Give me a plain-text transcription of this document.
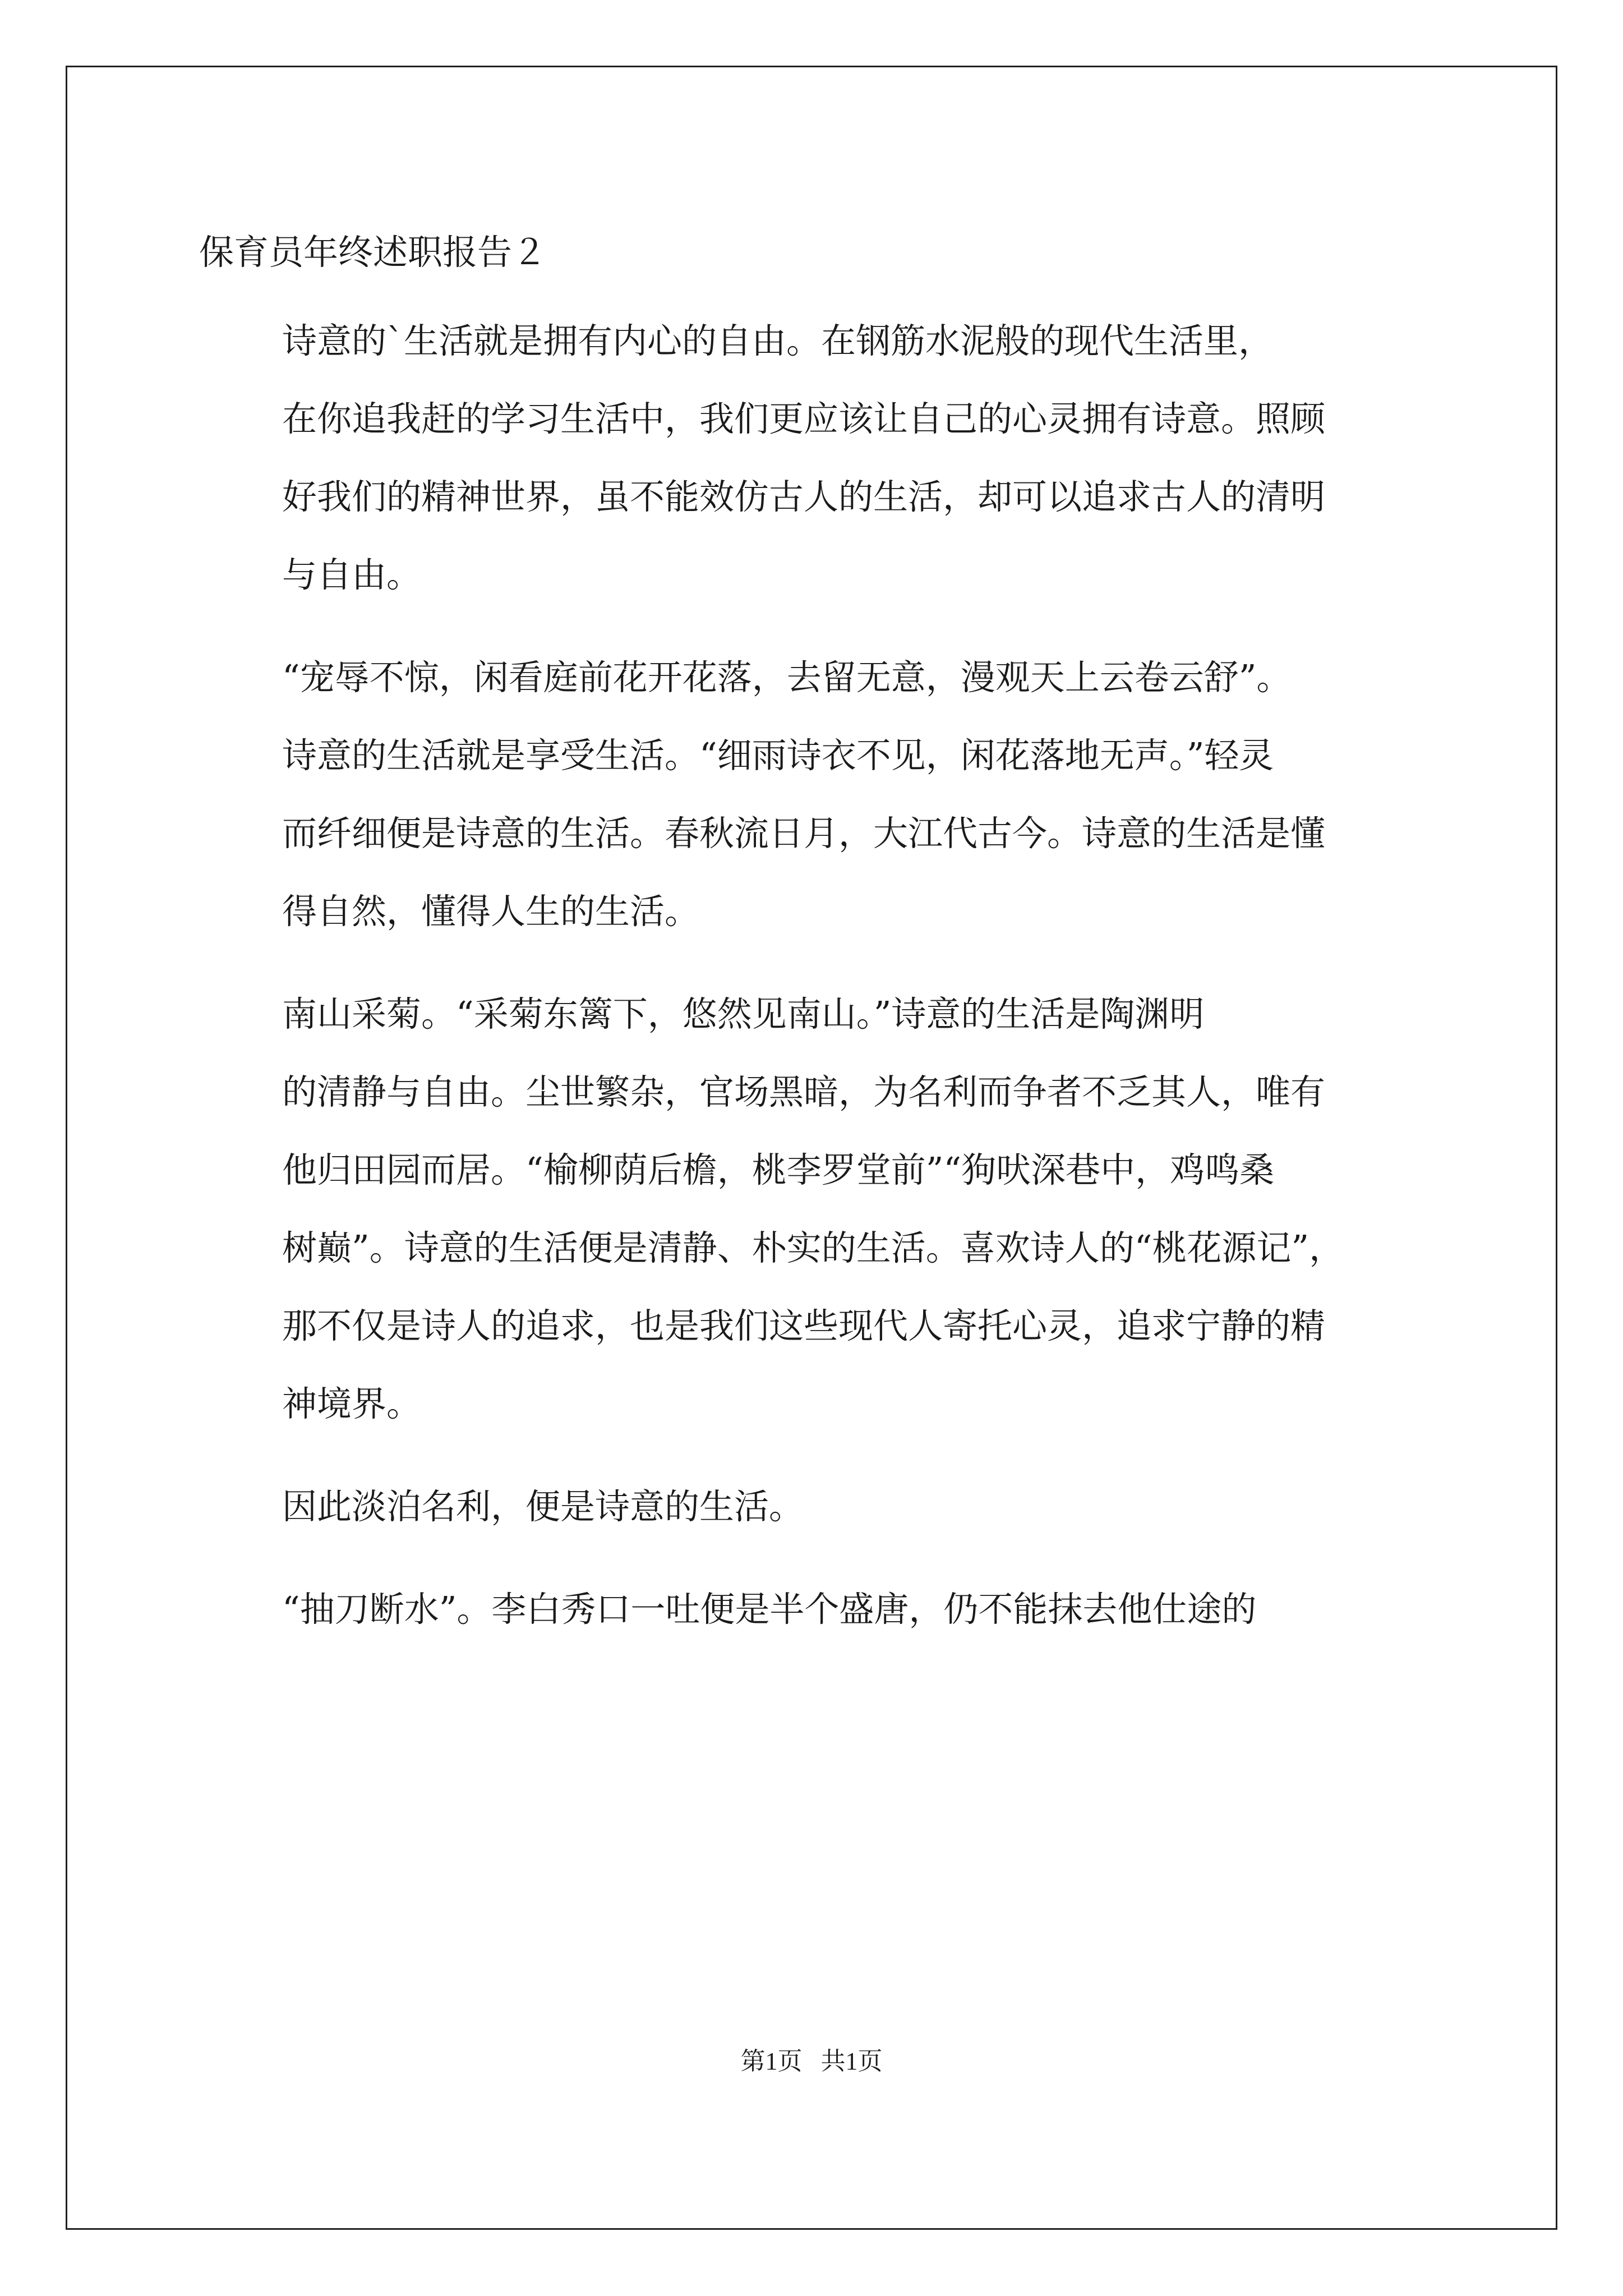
保育员年终述职报告２

诗意的`生活就是拥有内心的自由。在钢筋水泥般的现代生活里，
在你追我赶的学习生活中，我们更应该让自己的心灵拥有诗意。照顾
好我们的精神世界，虽不能效仿古人的生活，却可以追求古人的清明
与自由。

“宠辱不惊，闲看庭前花开花落，去留无意，漫观天上云卷云舒”。
诗意的生活就是享受生活。“细雨诗衣不见，闲花落地无声。”轻灵
而纤细便是诗意的生活。春秋流日月，大江代古今。诗意的生活是懂
得自然，懂得人生的生活。

南山采菊。“采菊东篱下，悠然见南山。”诗意的生活是陶渊明
的清静与自由。尘世繁杂，官场黑暗，为名利而争者不乏其人，唯有
他归田园而居。“榆柳荫后檐，桃李罗堂前”“狗吠深巷中，鸡鸣桑
树巅”。诗意的生活便是清静、朴实的生活。喜欢诗人的“桃花源记”，
那不仅是诗人的追求，也是我们这些现代人寄托心灵，追求宁静的精
神境界。

因此淡泊名利，便是诗意的生活。

“抽刀断水”。李白秀口一吐便是半个盛唐，仍不能抹去他仕途的

第1页   共1页
